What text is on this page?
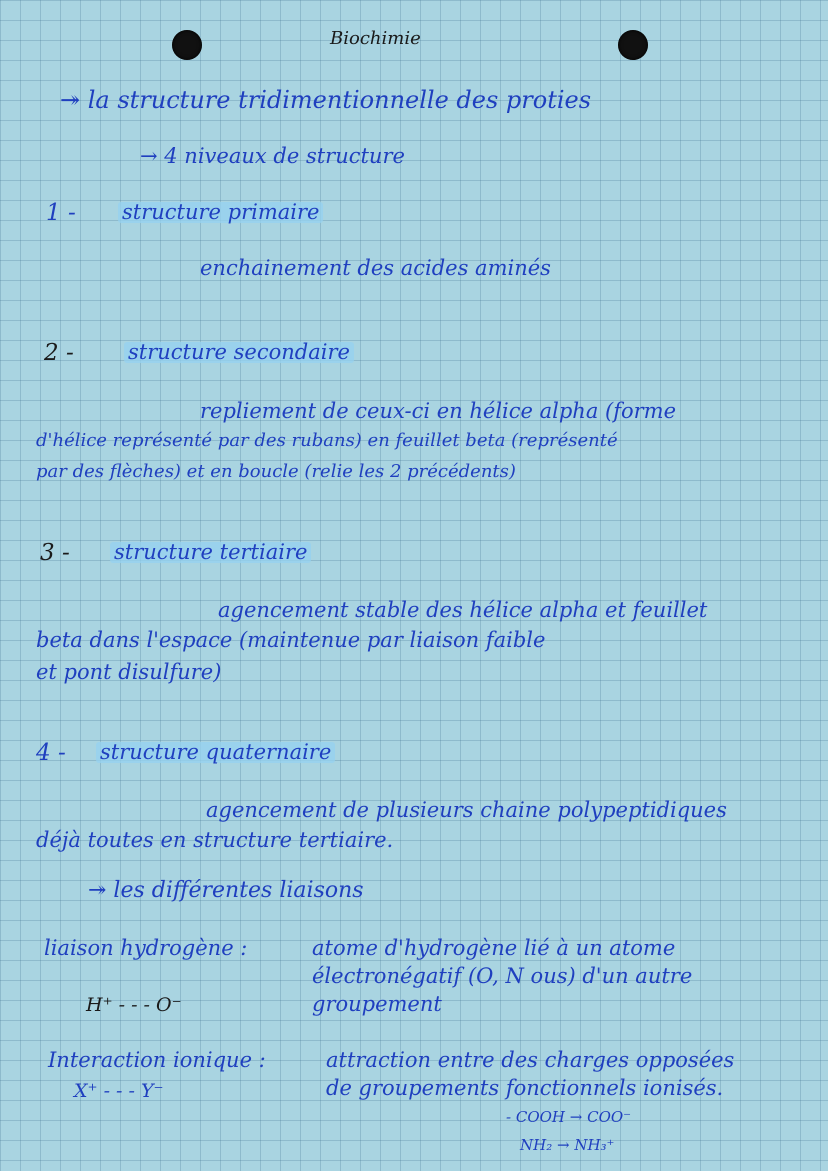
Biochimie
↠ la structure tridimentionnelle des proties
→ 4 niveaux de structure
1 - structure primaire
enchainement des acides aminés
2 -	structure secondaire
repliement de ceux-ci en hélice alpha (forme
d'hélice représenté par des rubans) en feuillet beta (représenté
par des flèches) et en boucle (relie les 2 précédents)
3 - structure tertiaire
agencement stable des hélice alpha et feuillet
beta dans l'espace (maintenue par liaison faible
et pont disulfure)
4 - structure quaternaire
agencement de plusieurs chaine polypeptidiques
déjà toutes en structure tertiaire.
↠ les différentes liaisons
liaison hydrogène :	atome d'hydrogène lié à un atome
électronégatif (O, N ous) d'un autre
groupement
H⁺ - - - O⁻
Interaction ionique :	attraction entre des charges opposées
de groupements fonctionnels ionisés.
X⁺ - - - Y⁻
- COOH → COO⁻
NH₂ → NH₃⁺
